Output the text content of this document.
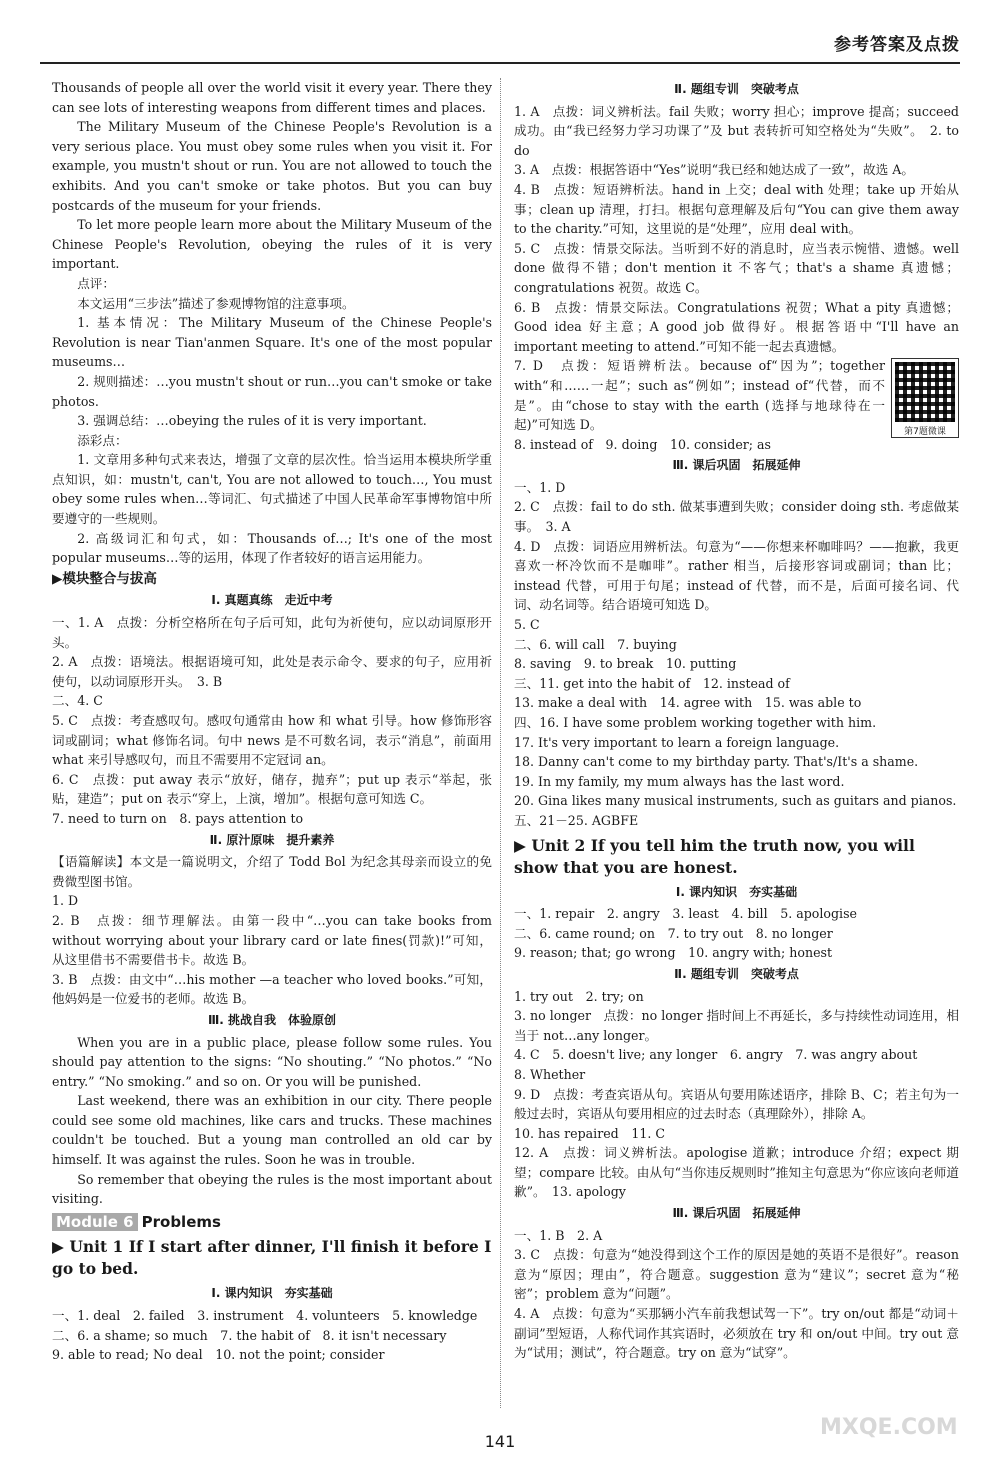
参考答案及点拨
Thousands of people all over the world visit it every year. There they can see lots of interesting weapons from different times and places.
The Military Museum of the Chinese People's Revolution is a very serious place. You must obey some rules when you visit it. For example, you mustn't shout or run. You are not allowed to touch the exhibits. And you can't smoke or take photos. But you can buy postcards of the museum for your friends.
To let more people learn more about the Military Museum of the Chinese People's Revolution, obeying the rules of it is very important.
点评：
本文运用“三步法”描述了参观博物馆的注意事项。
1. 基本情况：The Military Museum of the Chinese People's Revolution is near Tian'anmen Square. It's one of the most popular museums…
2. 规则描述：…you mustn't shout or run…you can't smoke or take photos.
3. 强调总结：…obeying the rules of it is very important.
添彩点：
1. 文章用多种句式来表达，增强了文章的层次性。恰当运用本模块所学重点知识，如：mustn't, can't, You are not allowed to touch…, You must obey some rules when…等词汇、句式描述了中国人民革命军事博物馆中所要遵守的一些规则。
2. 高级词汇和句式，如：Thousands of…; It's one of the most popular museums…等的运用，体现了作者较好的语言运用能力。
▶模块整合与拔高
Ⅰ. 真题真练　走近中考
一、1. A　点拨：分析空格所在句子后可知，此句为祈使句，应以动词原形开头。
2. A　点拨：语境法。根据语境可知，此处是表示命令、要求的句子，应用祈使句，以动词原形开头。　3. B
二、4. C
5. C　点拨：考查感叹句。感叹句通常由 how 和 what 引导。how 修饰形容词或副词；what 修饰名词。句中 news 是不可数名词，表示“消息”，前面用 what 来引导感叹句，而且不需要用不定冠词 an。
6. C　点拨：put away 表示“放好，储存，抛弃”；put up 表示“举起，张贴，建造”；put on 表示“穿上，上演，增加”。根据句意可知选 C。
7. need to turn on　8. pays attention to
Ⅱ. 原汁原味　提升素养
【语篇解读】本文是一篇说明文，介绍了 Todd Bol 为纪念其母亲而设立的免费微型图书馆。
1. D
2. B　点拨：细节理解法。由第一段中“…you can take books from without worrying about your library card or late fines(罚款)!”可知，从这里借书不需要借书卡。故选 B。
3. B　点拨：由文中“…his mother —a teacher who loved books.”可知，他妈妈是一位爱书的老师。故选 B。
Ⅲ. 挑战自我　体验原创
When you are in a public place, please follow some rules. You should pay attention to the signs: “No shouting.” “No photos.” “No entry.” “No smoking.” and so on. Or you will be punished.
Last weekend, there was an exhibition in our city. There people could see some old machines, like cars and trucks. These machines couldn't be touched. But a young man controlled an old car by himself. It was against the rules. Soon he was in trouble.
So remember that obeying the rules is the most important about visiting.
Module 6 Problems
▶ Unit 1 If I start after dinner, I'll finish it before I go to bed.
Ⅰ. 课内知识　夯实基础
一、1. deal　2. failed　3. instrument　4. volunteers　5. knowledge
二、6. a shame; so much　7. the habit of　8. it isn't necessary
9. able to read; No deal　10. not the point; consider
Ⅱ. 题组专训　突破考点
1. A　点拨：词义辨析法。fail 失败；worry 担心；improve 提高；succeed 成功。由“我已经努力学习功课了”及 but 表转折可知空格处为“失败”。　2. to do
3. A　点拨：根据答语中“Yes”说明“我已经和她达成了一致”，故选 A。
4. B　点拨：短语辨析法。hand in 上交；deal with 处理；take up 开始从事；clean up 清理，打扫。根据句意理解及后句“You can give them away to the charity.”可知，这里说的是“处理”，应用 deal with。
5. C　点拨：情景交际法。当听到不好的消息时，应当表示惋惜、遗憾。well done 做得不错；don't mention it 不客气；that's a shame 真遗憾；congratulations 祝贺。故选 C。
6. B　点拨：情景交际法。Congratulations 祝贺；What a pity 真遗憾；Good idea 好主意；A good job 做得好。根据答语中“I'll have an important meeting to attend.”可知不能一起去真遗憾。
第7题微课
7. D　点拨：短语辨析法。because of“因为”；together with“和……一起”；such as“例如”；instead of“代替，而不是”。由“chose to stay with the earth (选择与地球待在一起)”可知选 D。
8. instead of　9. doing　10. consider; as
Ⅲ. 课后巩固　拓展延伸
一、1. D
2. C　点拨：fail to do sth. 做某事遭到失败；consider doing sth. 考虑做某事。　3. A
4. D　点拨：词语应用辨析法。句意为“——你想来杯咖啡吗？——抱歉，我更喜欢一杯冷饮而不是咖啡”。rather 相当，后接形容词或副词；than 比；instead 代替，可用于句尾；instead of 代替，而不是，后面可接名词、代词、动名词等。结合语境可知选 D。
5. C
二、6. will call　7. buying
8. saving　9. to break　10. putting
三、11. get into the habit of　12. instead of
13. make a deal with　14. agree with　15. was able to
四、16. I have some problem working together with him.
17. It's very important to learn a foreign language.
18. Danny can't come to my birthday party. That's/It's a shame.
19. In my family, my mum always has the last word.
20. Gina likes many musical instruments, such as guitars and pianos.
五、21－25. AGBFE
▶ Unit 2 If you tell him the truth now, you will show that you are honest.
Ⅰ. 课内知识　夯实基础
一、1. repair　2. angry　3. least　4. bill　5. apologise
二、6. came round; on　7. to try out　8. no longer
9. reason; that; go wrong　10. angry with; honest
Ⅱ. 题组专训　突破考点
1. try out　2. try; on
3. no longer　点拨：no longer 指时间上不再延长，多与持续性动词连用，相当于 not…any longer。
4. C　5. doesn't live; any longer　6. angry　7. was angry about
8. Whether
9. D　点拨：考查宾语从句。宾语从句要用陈述语序，排除 B、C；若主句为一般过去时，宾语从句要用相应的过去时态（真理除外），排除 A。
10. has repaired　11. C
12. A　点拨：词义辨析法。apologise 道歉；introduce 介绍；expect 期望；compare 比较。由从句“当你违反规则时”推知主句意思为“你应该向老师道歉”。　13. apology
Ⅲ. 课后巩固　拓展延伸
一、1. B　2. A
3. C　点拨：句意为“她没得到这个工作的原因是她的英语不是很好”。reason 意为“原因；理由”，符合题意。suggestion 意为“建议”；secret 意为“秘密”；problem 意为“问题”。
4. A　点拨：句意为“买那辆小汽车前我想试驾一下”。try on/out 都是“动词＋副词”型短语，人称代词作其宾语时，必须放在 try 和 on/out 中间。try out 意为“试用；测试”，符合题意。try on 意为“试穿”。
141
MXQE.COM
